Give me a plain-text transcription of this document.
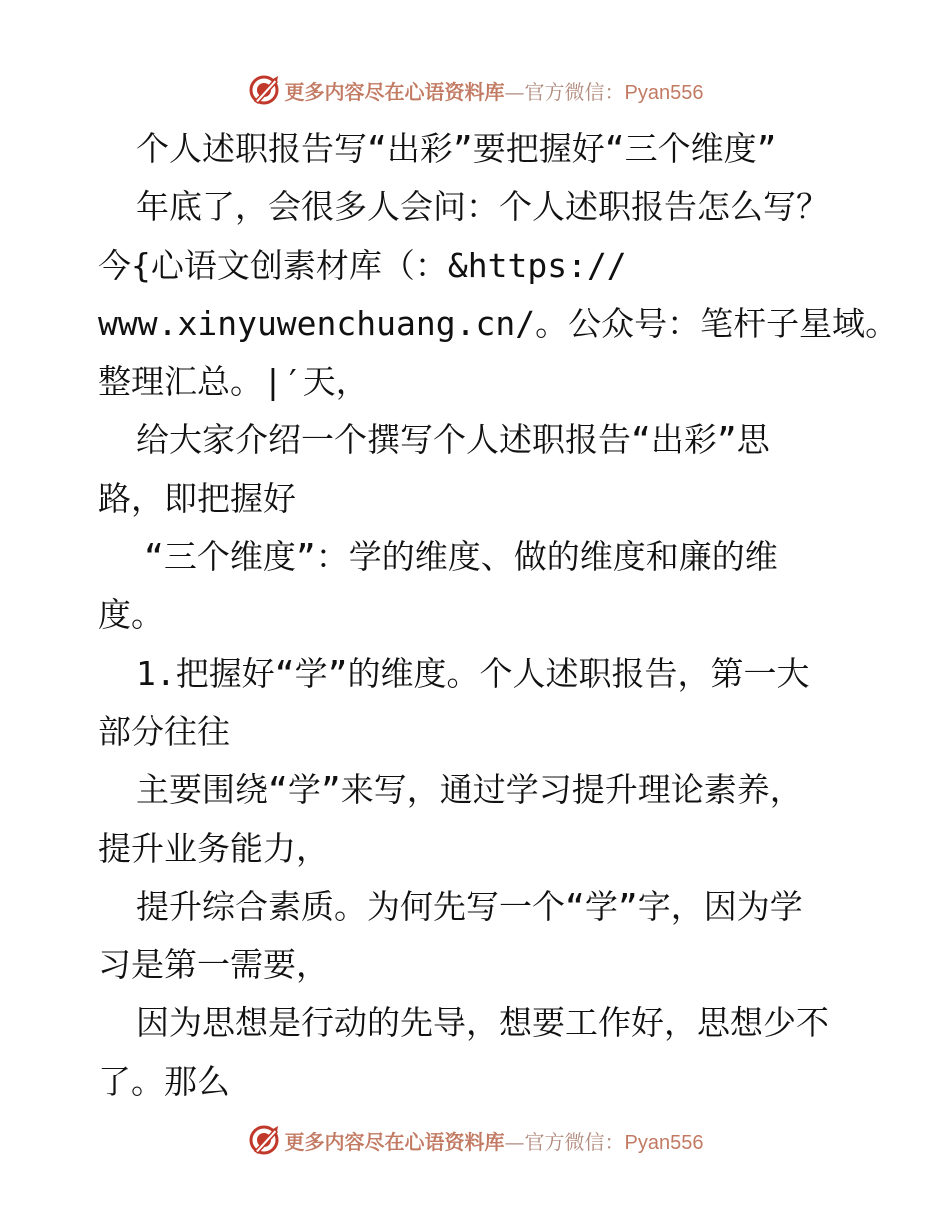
更多内容尽在心语资料库—官方微信：Pyan556
个人述职报告写“出彩”要把握好“三个维度”
年底了，会很多人会问：个人述职报告怎么写？
今{心语文创素材库（：&https://
www.xinyuwenchuang.cn/。公众号：笔杆子星域。
整理汇总。|′天，
给大家介绍一个撰写个人述职报告“出彩”思
路，即把握好
“三个维度”：学的维度、做的维度和廉的维
度。
1.把握好“学”的维度。个人述职报告，第一大
部分往往
主要围绕“学”来写，通过学习提升理论素养，
提升业务能力，
提升综合素质。为何先写一个“学”字，因为学
习是第一需要，
因为思想是行动的先导，想要工作好，思想少不
了。那么
更多内容尽在心语资料库—官方微信：Pyan556
